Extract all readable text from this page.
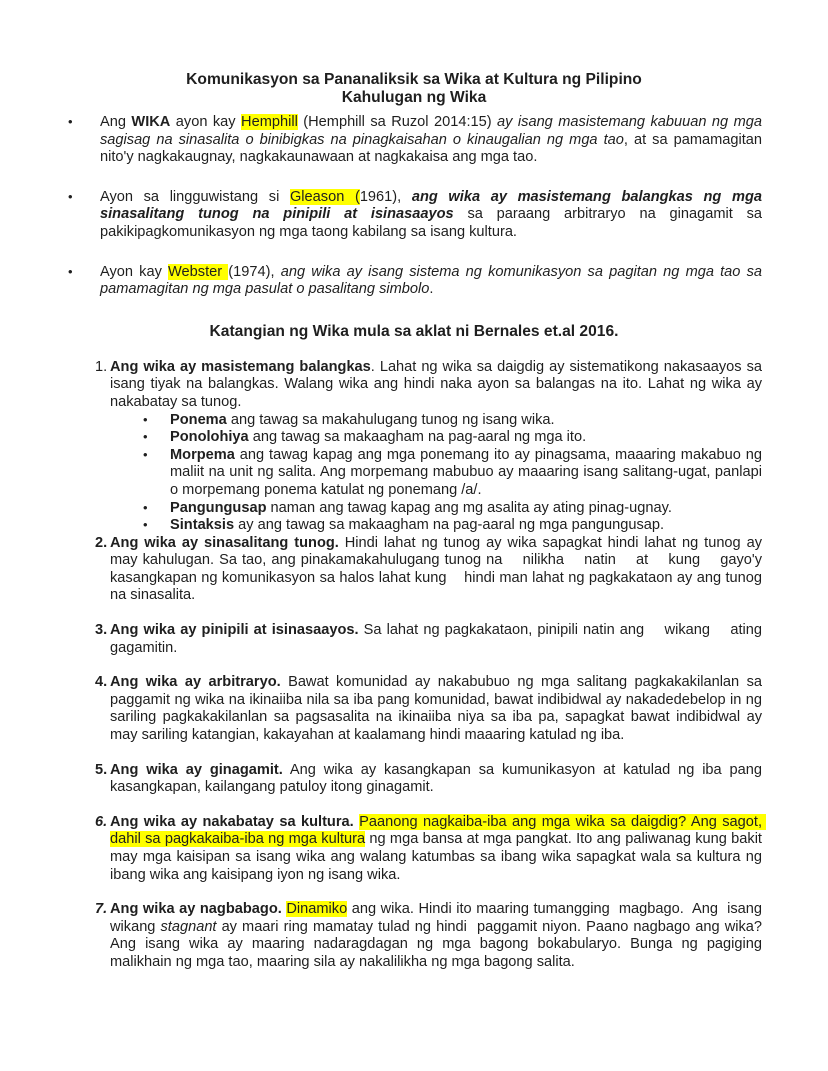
Komunikasyon sa Pananaliksik sa Wika at Kultura ng Pilipino
Kahulugan ng Wika
• Ang WIKA ayon kay Hemphill (Hemphill sa Ruzol 2014:15) ay isang masistemang kabuuan ng mga sagisag na sinasalita o binibigkas na pinagkaisahan o kinaugalian ng mga tao, at sa pamamagitan nito'y nagkakaugnay, nagkakaunawaan at nagkakaisa ang mga tao.
• Ayon sa lingguwistang si Gleason (1961), ang wika ay masistemang balangkas ng mga sinasalitang tunog na pinipili at isinasaayos sa paraang arbitraryo na ginagamit sa pakikipagkomunikasyon ng mga taong kabilang sa isang kultura.
• Ayon kay Webster (1974), ang wika ay isang sistema ng komunikasyon sa pagitan ng mga tao sa pamamagitan ng mga pasulat o pasalitang simbolo.
Katangian ng Wika mula sa aklat ni Bernales et.al 2016.
1. Ang wika ay masistemang balangkas. Lahat ng wika sa daigdig ay sistematikong nakasaayos sa isang tiyak na balangkas. Walang wika ang hindi naka ayon sa balangas na ito. Lahat ng wika ay nakabatay sa tunog.
• Ponema ang tawag sa makahulugang tunog ng isang wika.
• Ponolohiya ang tawag sa makaagham na pag-aaral ng mga ito.
• Morpema ang tawag kapag ang mga ponemang ito ay pinagsama, maaaring makabuo ng maliit na unit ng salita. Ang morpemang mabubuo ay maaaring isang salitang-ugat, panlapi o morpemang ponema katulat ng ponemang /a/.
• Pangungusap naman ang tawag kapag ang mg asalita ay ating pinag-ugnay.
• Sintaksis ay ang tawag sa makaagham na pag-aaral ng mga pangungusap.
2. Ang wika ay sinasalitang tunog. Hindi lahat ng tunog ay wika sapagkat hindi lahat ng tunog ay may kahulugan. Sa tao, ang pinakamakahulugang tunog na    nilikha    natin    at    kung    gayo'y kasangkapan ng komunikasyon sa halos lahat kung    hindi man lahat ng pagkakataon ay ang tunog na sinasalita.
3. Ang wika ay pinipili at isinasaayos. Sa lahat ng pagkakataon, pinipili natin ang    wikang    ating gagamitin.
4. Ang wika ay arbitraryo. Bawat komunidad ay nakabubuo ng mga salitang pagkakakilanlan sa paggamit ng wika na ikinaiiba nila sa iba pang komunidad, bawat indibidwal ay nakadedebelop in ng sariling pagkakakilanlan sa pagsasalita na ikinaiiba niya sa iba pa, sapagkat bawat indibidwal ay may sariling katangian, kakayahan at kaalamang hindi maaaring katulad ng iba.
5. Ang wika ay ginagamit. Ang wika ay kasangkapan sa kumunikasyon at katulad ng iba pang kasangkapan, kailangang patuloy itong ginagamit.
6. Ang wika ay nakabatay sa kultura. Paanong nagkaiba-iba ang mga wika sa daigdig? Ang sagot, dahil sa pagkakaiba-iba ng mga kultura ng mga bansa at mga pangkat. Ito ang paliwanag kung bakit may mga kaisipan sa isang wika ang walang katumbas sa ibang wika sapagkat wala sa kultura ng ibang wika ang kaisipang iyon ng isang wika.
7. Ang wika ay nagbabago. Dinamiko ang wika. Hindi ito maaring tumangging  magbago.  Ang  isang wikang stagnant ay maari ring mamatay tulad ng hindi  paggamit niyon. Paano nagbago ang wika? Ang isang wika ay maaring nadaragdagan ng mga bagong bokabularyo. Bunga ng pagiging malikhain ng mga tao, maaring sila ay nakalilikha ng mga bagong salita.
